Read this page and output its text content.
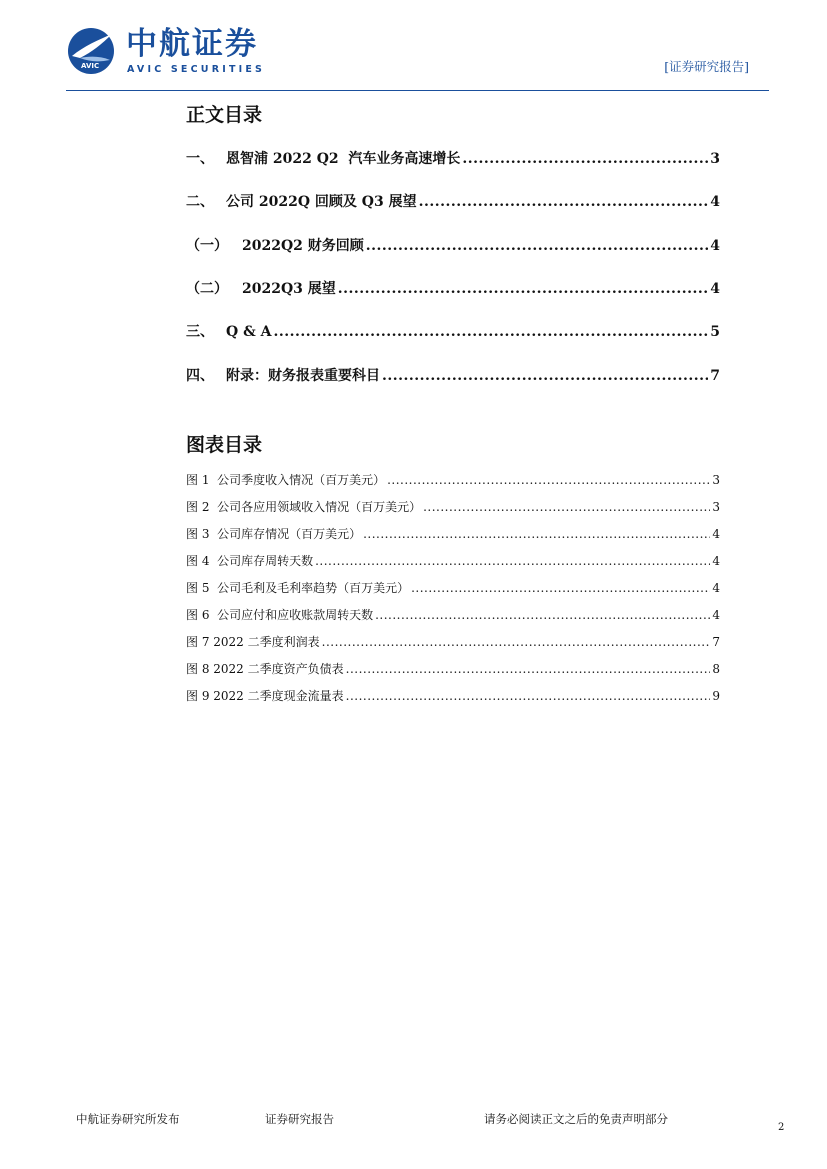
AVIC
中航证券
AVIC SECURITIES	[证券研究报告]
正文目录
一、 恩智浦 2022 Q2  汽车业务高速增长 .....	3
二、 公司 2022Q 回顾及 Q3 展望 .....	4
（一）	2022Q2 财务回顾 .....	4
（二）	2022Q3 展望 .....	4
三、 Q & A .....	5
四、 附录：财务报表重要科目 .....	7
图表目录
图 1  公司季度收入情况（百万美元） .....	3
图 2  公司各应用领域收入情况（百万美元） .....	3
图 3  公司库存情况（百万美元） .....	4
图 4  公司库存周转天数 .....	4
图 5  公司毛利及毛利率趋势（百万美元） .....	4
图 6  公司应付和应收账款周转天数 .....	4
图 7 2022 二季度利润表 .....	7
图 8 2022 二季度资产负债表 .....	8
图 9 2022 二季度现金流量表 .....	9
中航证券研究所发布	证券研究报告	请务必阅读正文之后的免责声明部分
2
